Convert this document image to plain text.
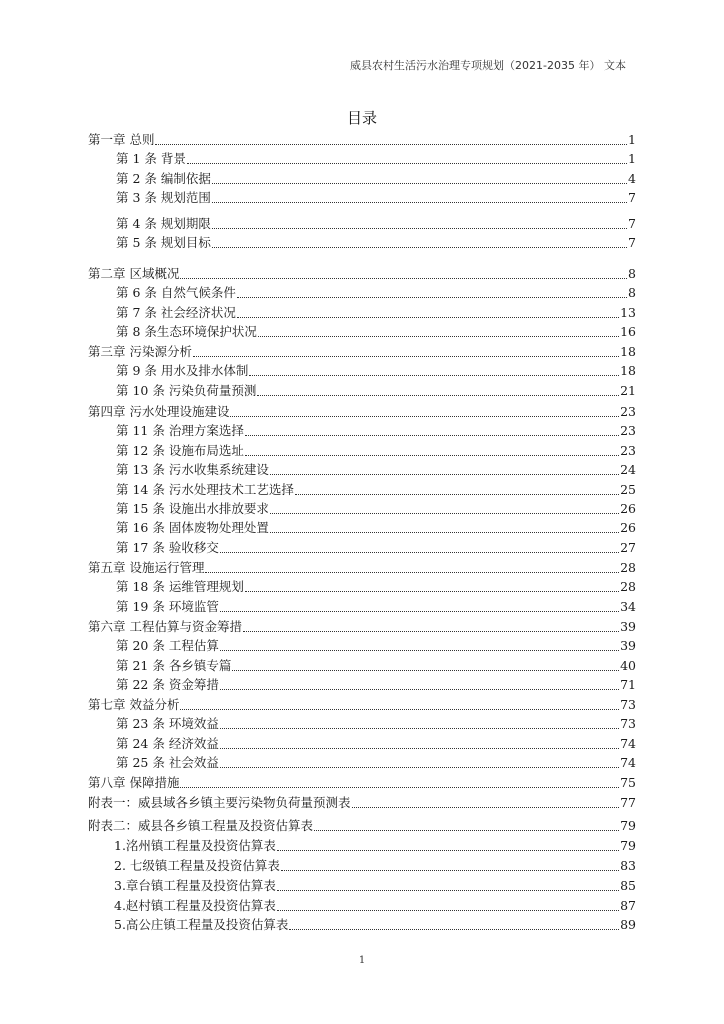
威县农村生活污水治理专项规划（2021-2035 年） 文本
目录
第一章 总则	1
第 1 条 背景	1
第 2 条 编制依据	4
第 3 条 规划范围	7
第 4 条 规划期限	7
第 5 条 规划目标	7
第二章 区域概况	8
第 6 条 自然气候条件	8
第 7 条 社会经济状况	13
第 8 条生态环境保护状况	16
第三章 污染源分析	18
第 9 条 用水及排水体制	18
第 10 条 污染负荷量预测	21
第四章 污水处理设施建设	23
第 11 条 治理方案选择	23
第 12 条 设施布局选址	23
第 13 条 污水收集系统建设	24
第 14 条 污水处理技术工艺选择	25
第 15 条 设施出水排放要求	26
第 16 条 固体废物处理处置	26
第 17 条 验收移交	27
第五章 设施运行管理	28
第 18 条 运维管理规划	28
第 19 条 环境监管	34
第六章 工程估算与资金筹措	39
第 20 条 工程估算	39
第 21 条 各乡镇专篇	40
第 22 条 资金筹措	71
第七章 效益分析	73
第 23 条 环境效益	73
第 24 条 经济效益	74
第 25 条 社会效益	74
第八章 保障措施	75
附表一：威县域各乡镇主要污染物负荷量预测表	77
附表二：威县各乡镇工程量及投资估算表	79
1.洺州镇工程量及投资估算表	79
2. 七级镇工程量及投资估算表	83
3.章台镇工程量及投资估算表	85
4.赵村镇工程量及投资估算表	87
5.高公庄镇工程量及投资估算表	89
1
